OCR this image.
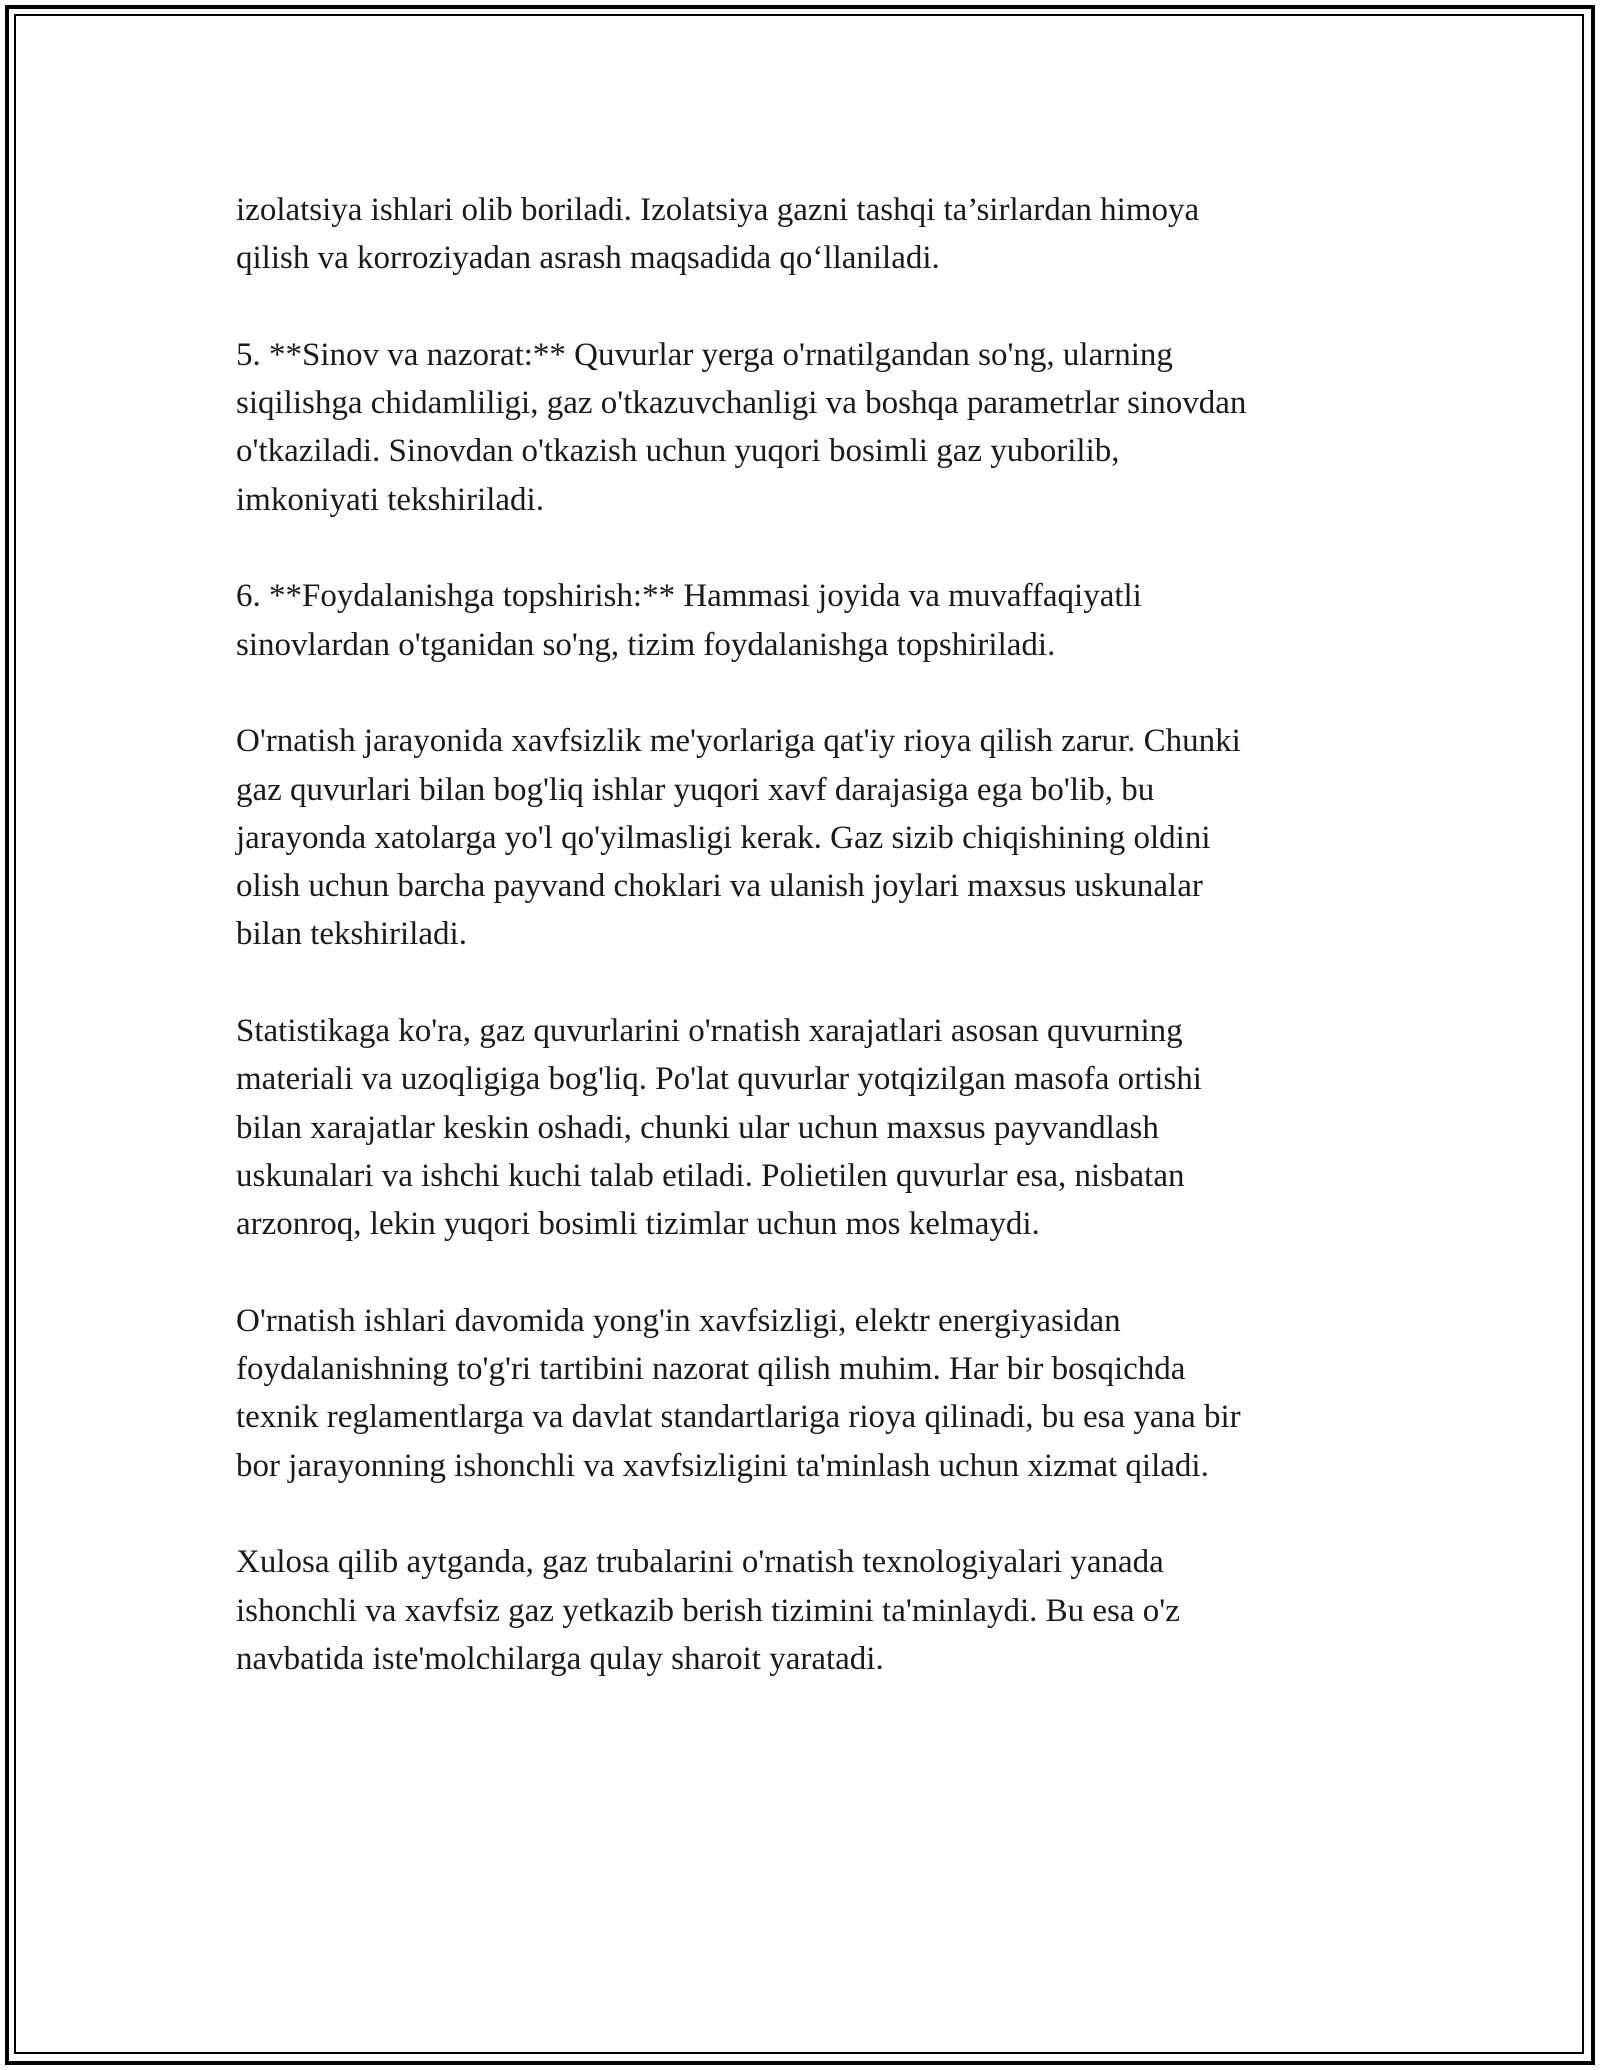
izolatsiya ishlari olib boriladi. Izolatsiya gazni tashqi ta’sirlardan himoya
qilish va korroziyadan asrash maqsadida qo‘llaniladi.

5. **Sinov va nazorat:** Quvurlar yerga o'rnatilgandan so'ng, ularning
siqilishga chidamliligi, gaz o'tkazuvchanligi va boshqa parametrlar sinovdan
o'tkaziladi. Sinovdan o'tkazish uchun yuqori bosimli gaz yuborilib,
imkoniyati tekshiriladi.

6. **Foydalanishga topshirish:** Hammasi joyida va muvaffaqiyatli
sinovlardan o'tganidan so'ng, tizim foydalanishga topshiriladi.

O'rnatish jarayonida xavfsizlik me'yorlariga qat'iy rioya qilish zarur. Chunki
gaz quvurlari bilan bog'liq ishlar yuqori xavf darajasiga ega bo'lib, bu
jarayonda xatolarga yo'l qo'yilmasligi kerak. Gaz sizib chiqishining oldini
olish uchun barcha payvand choklari va ulanish joylari maxsus uskunalar
bilan tekshiriladi.

Statistikaga ko'ra, gaz quvurlarini o'rnatish xarajatlari asosan quvurning
materiali va uzoqligiga bog'liq. Po'lat quvurlar yotqizilgan masofa ortishi
bilan xarajatlar keskin oshadi, chunki ular uchun maxsus payvandlash
uskunalari va ishchi kuchi talab etiladi. Polietilen quvurlar esa, nisbatan
arzonroq, lekin yuqori bosimli tizimlar uchun mos kelmaydi.

O'rnatish ishlari davomida yong'in xavfsizligi, elektr energiyasidan
foydalanishning to'g'ri tartibini nazorat qilish muhim. Har bir bosqichda
texnik reglamentlarga va davlat standartlariga rioya qilinadi, bu esa yana bir
bor jarayonning ishonchli va xavfsizligini ta'minlash uchun xizmat qiladi.

Xulosa qilib aytganda, gaz trubalarini o'rnatish texnologiyalari yanada
ishonchli va xavfsiz gaz yetkazib berish tizimini ta'minlaydi. Bu esa o'z
navbatida iste'molchilarga qulay sharoit yaratadi.
